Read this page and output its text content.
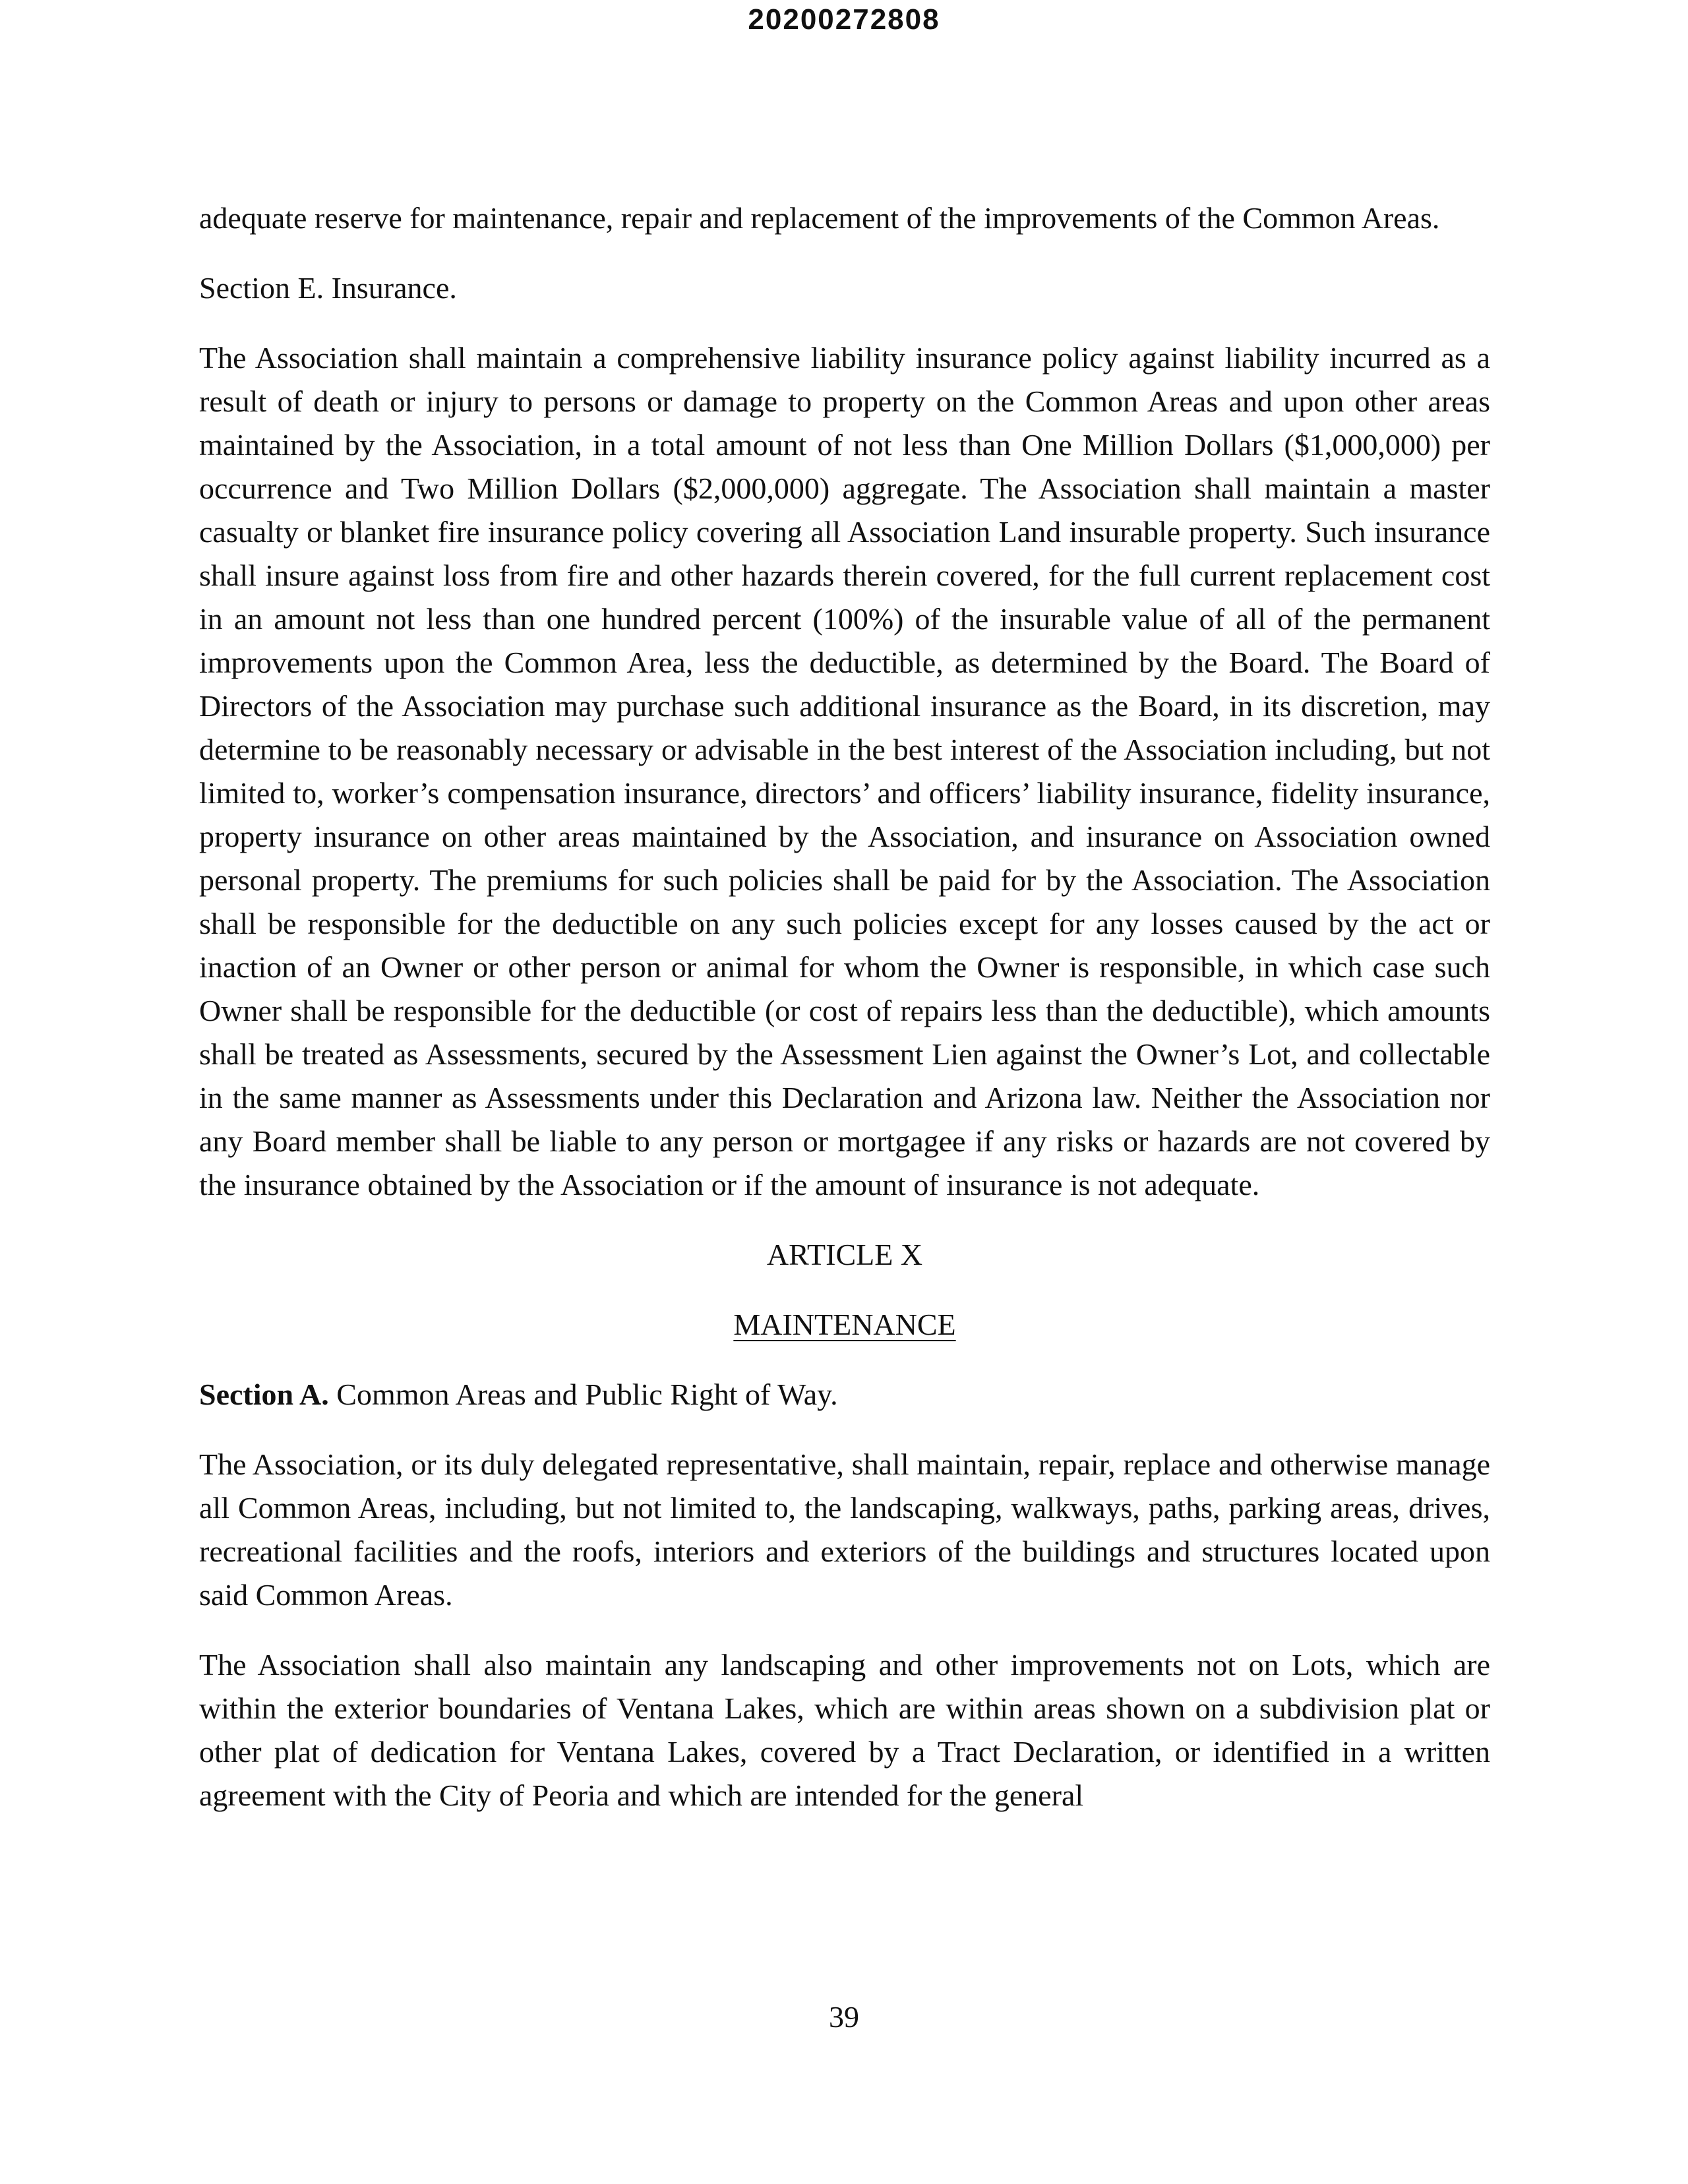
20200272808

adequate reserve for maintenance, repair and replacement of the improvements of the Common Areas.

Section E. Insurance.

The Association shall maintain a comprehensive liability insurance policy against liability incurred as a result of death or injury to persons or damage to property on the Common Areas and upon other areas maintained by the Association, in a total amount of not less than One Million Dollars ($1,000,000) per occurrence and Two Million Dollars ($2,000,000) aggregate. The Association shall maintain a master casualty or blanket fire insurance policy covering all Association Land insurable property. Such insurance shall insure against loss from fire and other hazards therein covered, for the full current replacement cost in an amount not less than one hundred percent (100%) of the insurable value of all of the permanent improvements upon the Common Area, less the deductible, as determined by the Board. The Board of Directors of the Association may purchase such additional insurance as the Board, in its discretion, may determine to be reasonably necessary or advisable in the best interest of the Association including, but not limited to, worker’s compensation insurance, directors’ and officers’ liability insurance, fidelity insurance, property insurance on other areas maintained by the Association, and insurance on Association owned personal property. The premiums for such policies shall be paid for by the Association. The Association shall be responsible for the deductible on any such policies except for any losses caused by the act or inaction of an Owner or other person or animal for whom the Owner is responsible, in which case such Owner shall be responsible for the deductible (or cost of repairs less than the deductible), which amounts shall be treated as Assessments, secured by the Assessment Lien against the Owner’s Lot, and collectable in the same manner as Assessments under this Declaration and Arizona law. Neither the Association nor any Board member shall be liable to any person or mortgagee if any risks or hazards are not covered by the insurance obtained by the Association or if the amount of insurance is not adequate.

ARTICLE X

MAINTENANCE

Section A. Common Areas and Public Right of Way.

The Association, or its duly delegated representative, shall maintain, repair, replace and otherwise manage all Common Areas, including, but not limited to, the landscaping, walkways, paths, parking areas, drives, recreational facilities and the roofs, interiors and exteriors of the buildings and structures located upon said Common Areas.

The Association shall also maintain any landscaping and other improvements not on Lots, which are within the exterior boundaries of Ventana Lakes, which are within areas shown on a subdivision plat or other plat of dedication for Ventana Lakes, covered by a Tract Declaration, or identified in a written agreement with the City of Peoria and which are intended for the general

39
